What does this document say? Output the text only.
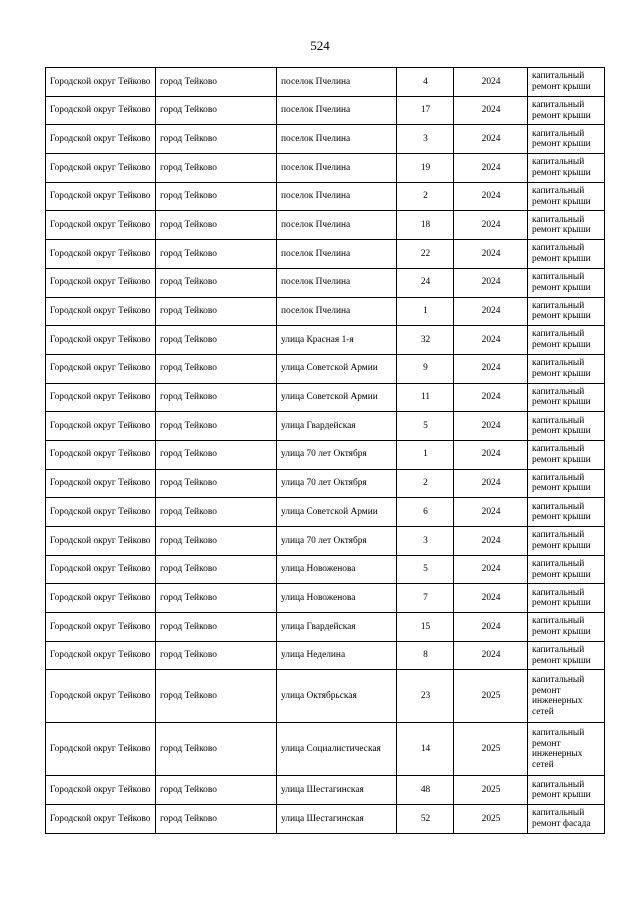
524
Городской округ Тейково	город Тейково	поселок Пчелина	4	2024	капитальный ремонт крыши
Городской округ Тейково	город Тейково	поселок Пчелина	17	2024	капитальный ремонт крыши
Городской округ Тейково	город Тейково	поселок Пчелина	3	2024	капитальный ремонт крыши
Городской округ Тейково	город Тейково	поселок Пчелина	19	2024	капитальный ремонт крыши
Городской округ Тейково	город Тейково	поселок Пчелина	2	2024	капитальный ремонт крыши
Городской округ Тейково	город Тейково	поселок Пчелина	18	2024	капитальный ремонт крыши
Городской округ Тейково	город Тейково	поселок Пчелина	22	2024	капитальный ремонт крыши
Городской округ Тейково	город Тейково	поселок Пчелина	24	2024	капитальный ремонт крыши
Городской округ Тейково	город Тейково	поселок Пчелина	1	2024	капитальный ремонт крыши
Городской округ Тейково	город Тейково	улица Красная 1-я	32	2024	капитальный ремонт крыши
Городской округ Тейково	город Тейково	улица Советской Армии	9	2024	капитальный ремонт крыши
Городской округ Тейково	город Тейково	улица Советской Армии	11	2024	капитальный ремонт крыши
Городской округ Тейково	город Тейково	улица Гвардейская	5	2024	капитальный ремонт крыши
Городской округ Тейково	город Тейково	улица 70 лет Октября	1	2024	капитальный ремонт крыши
Городской округ Тейково	город Тейково	улица 70 лет Октября	2	2024	капитальный ремонт крыши
Городской округ Тейково	город Тейково	улица Советской Армии	6	2024	капитальный ремонт крыши
Городской округ Тейково	город Тейково	улица 70 лет Октября	3	2024	капитальный ремонт крыши
Городской округ Тейково	город Тейково	улица Новоженова	5	2024	капитальный ремонт крыши
Городской округ Тейково	город Тейково	улица Новоженова	7	2024	капитальный ремонт крыши
Городской округ Тейково	город Тейково	улица Гвардейская	15	2024	капитальный ремонт крыши
Городской округ Тейково	город Тейково	улица Неделина	8	2024	капитальный ремонт крыши
Городской округ Тейково	город Тейково	улица Октябрьская	23	2025	капитальный ремонт инженерных сетей
Городской округ Тейково	город Тейково	улица Социалистическая	14	2025	капитальный ремонт инженерных сетей
Городской округ Тейково	город Тейково	улица Шестагинская	48	2025	капитальный ремонт крыши
Городской округ Тейково	город Тейково	улица Шестагинская	52	2025	капитальный ремонт фасада
